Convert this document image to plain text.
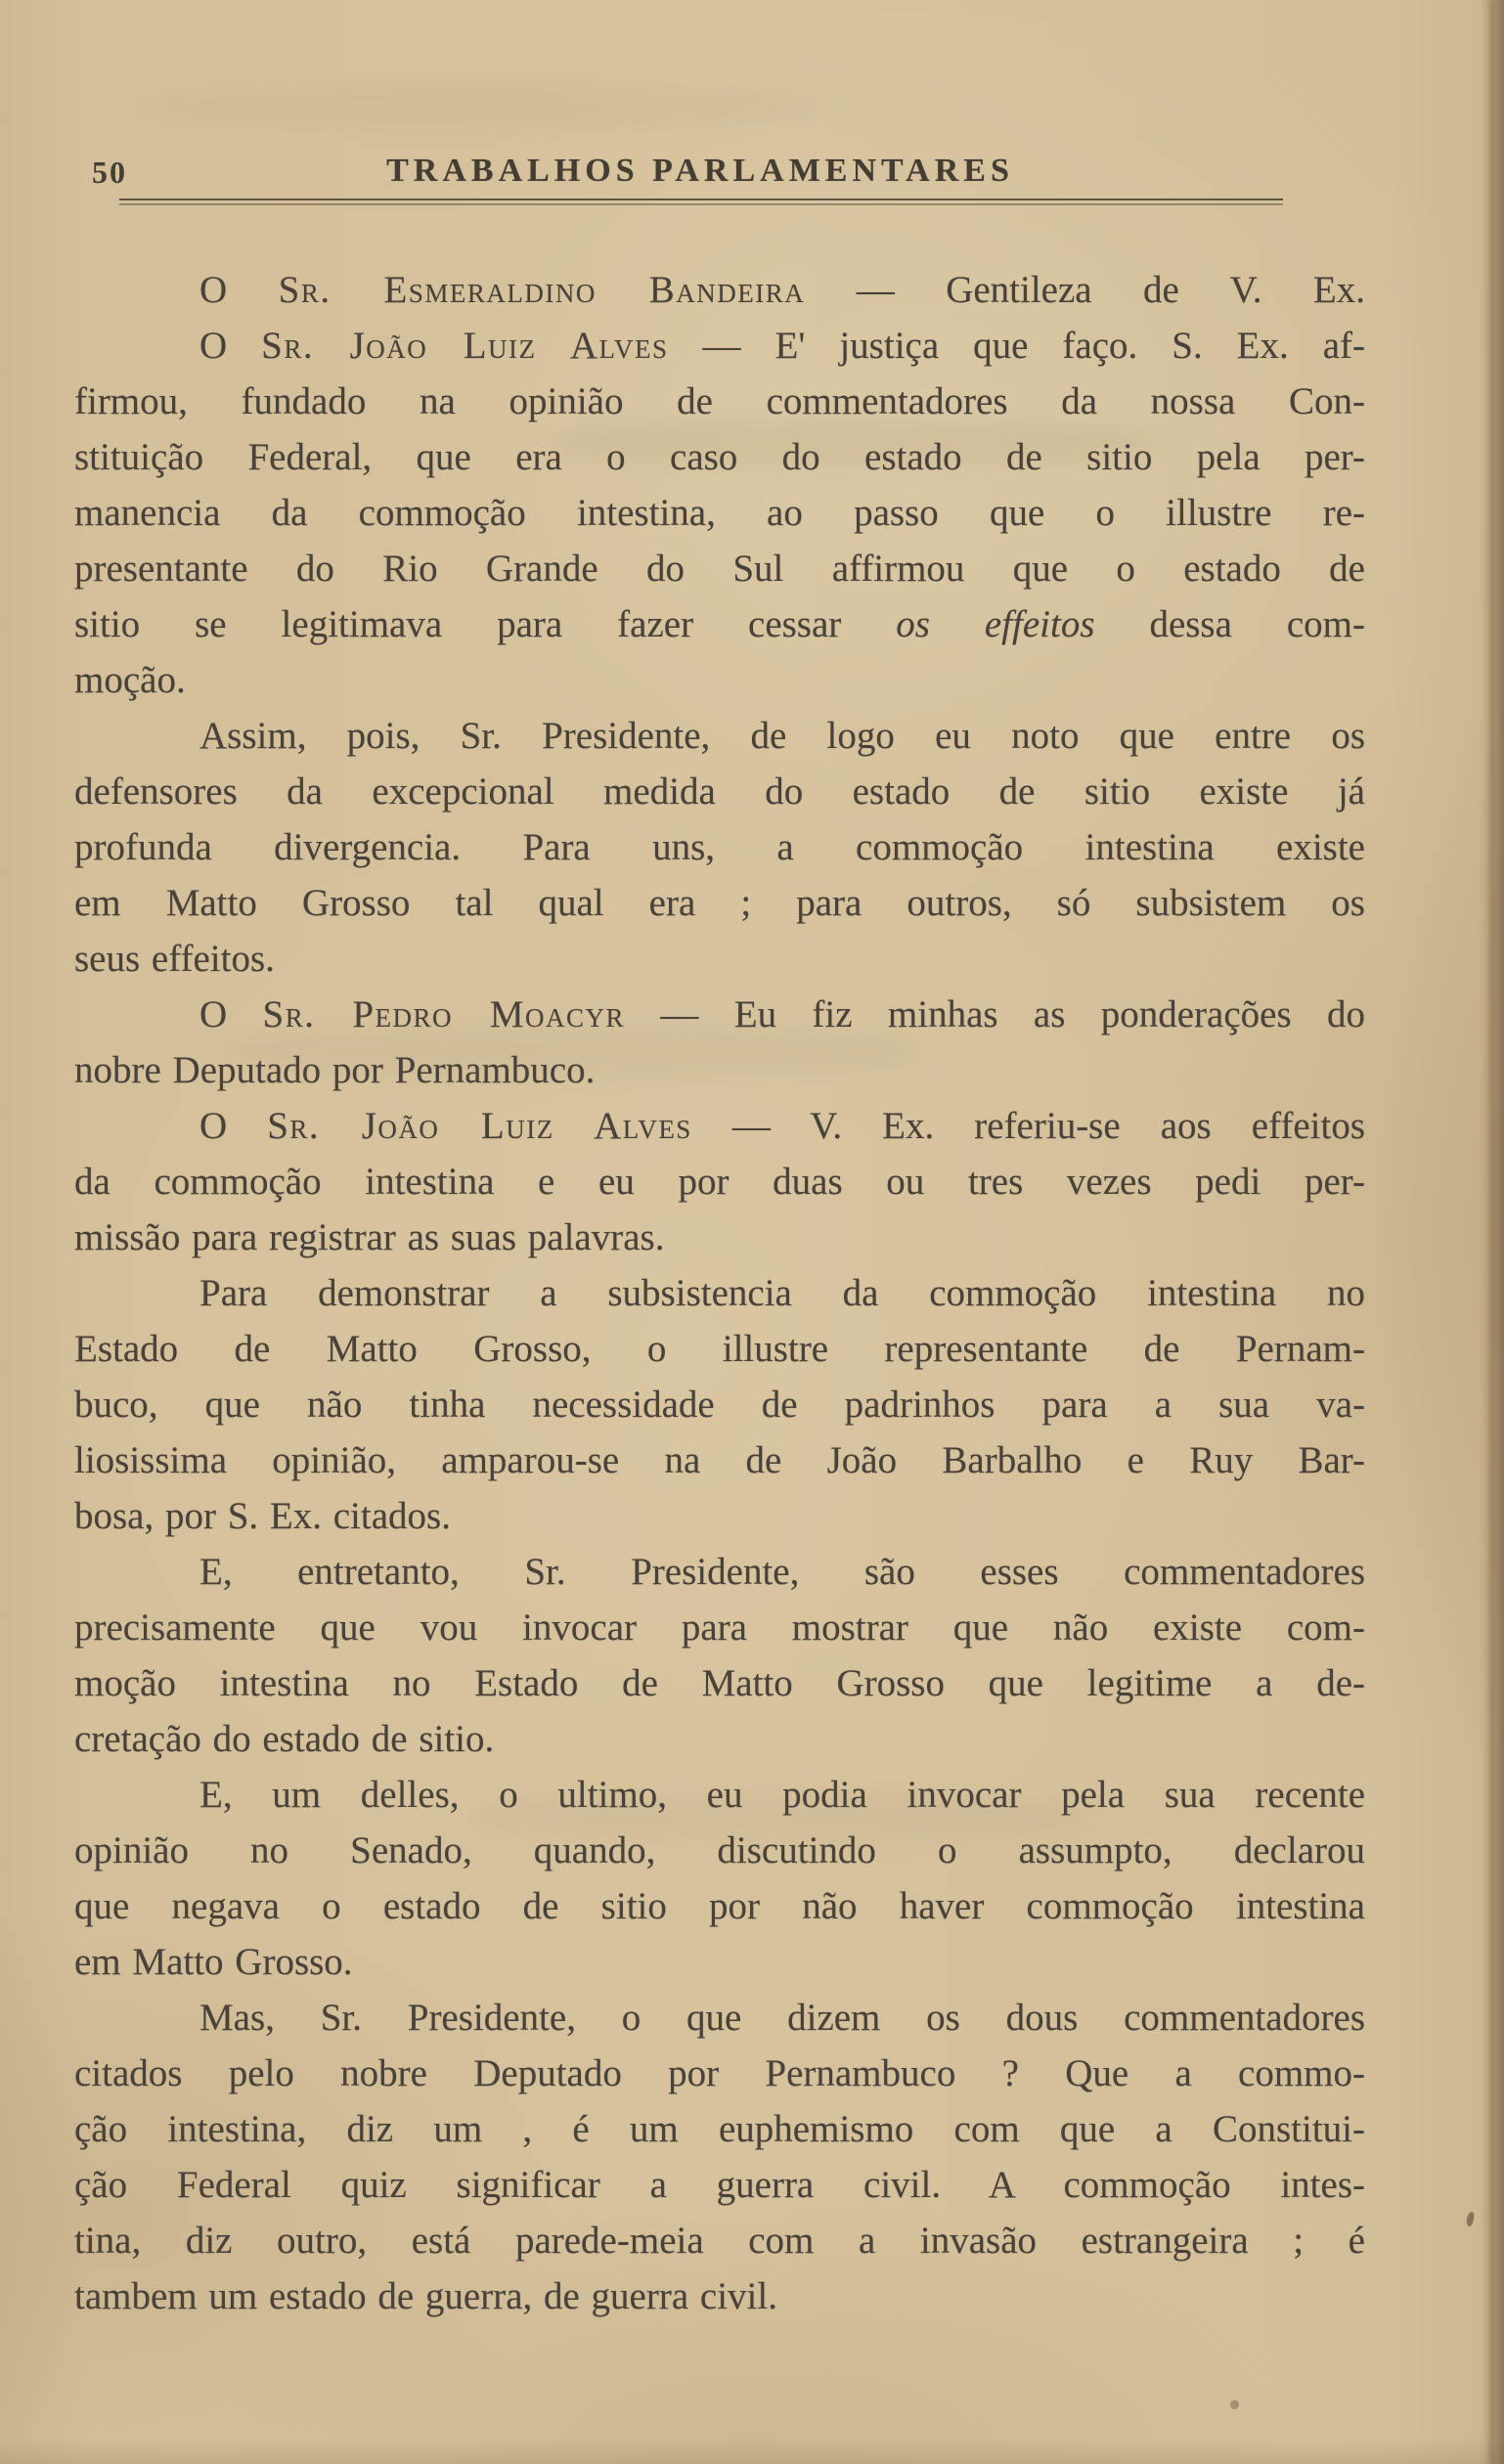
50	TRABALHOS PARLAMENTARES
O Sr. Esmeraldino Bandeira — Gentileza de V. Ex.
O Sr. João Luiz Alves — E' justiça que faço. S. Ex. af-
firmou, fundado na opinião de commentadores da nossa Con-
stituição Federal, que era o caso do estado de sitio pela per-
manencia da commoção intestina, ao passo que o illustre re-
presentante do Rio Grande do Sul affirmou que o estado de
sitio se legitimava para fazer cessar os effeitos dessa com-
moção.
Assim, pois, Sr. Presidente, de logo eu noto que entre os
defensores da excepcional medida do estado de sitio existe já
profunda divergencia. Para uns, a commoção intestina existe
em Matto Grosso tal qual era ; para outros, só subsistem os
seus effeitos.
O Sr. Pedro Moacyr — Eu fiz minhas as ponderações do
nobre Deputado por Pernambuco.
O Sr. João Luiz Alves — V. Ex. referiu-se aos effeitos
da commoção intestina e eu por duas ou tres vezes pedi per-
missão para registrar as suas palavras.
Para demonstrar a subsistencia da commoção intestina no
Estado de Matto Grosso, o illustre representante de Pernam-
buco, que não tinha necessidade de padrinhos para a sua va-
liosissima opinião, amparou-se na de João Barbalho e Ruy Bar-
bosa, por S. Ex. citados.
E, entretanto, Sr. Presidente, são esses commentadores
precisamente que vou invocar para mostrar que não existe com-
moção intestina no Estado de Matto Grosso que legitime a de-
cretação do estado de sitio.
E, um delles, o ultimo, eu podia invocar pela sua recente
opinião no Senado, quando, discutindo o assumpto, declarou
que negava o estado de sitio por não haver commoção intestina
em Matto Grosso.
Mas, Sr. Presidente, o que dizem os dous commentadores
citados pelo nobre Deputado por Pernambuco ? Que a commo-
ção intestina, diz um , é um euphemismo com que a Constitui-
ção Federal quiz significar a guerra civil. A commoção intes-
tina, diz outro, está parede-meia com a invasão estrangeira ; é
tambem um estado de guerra, de guerra civil.
